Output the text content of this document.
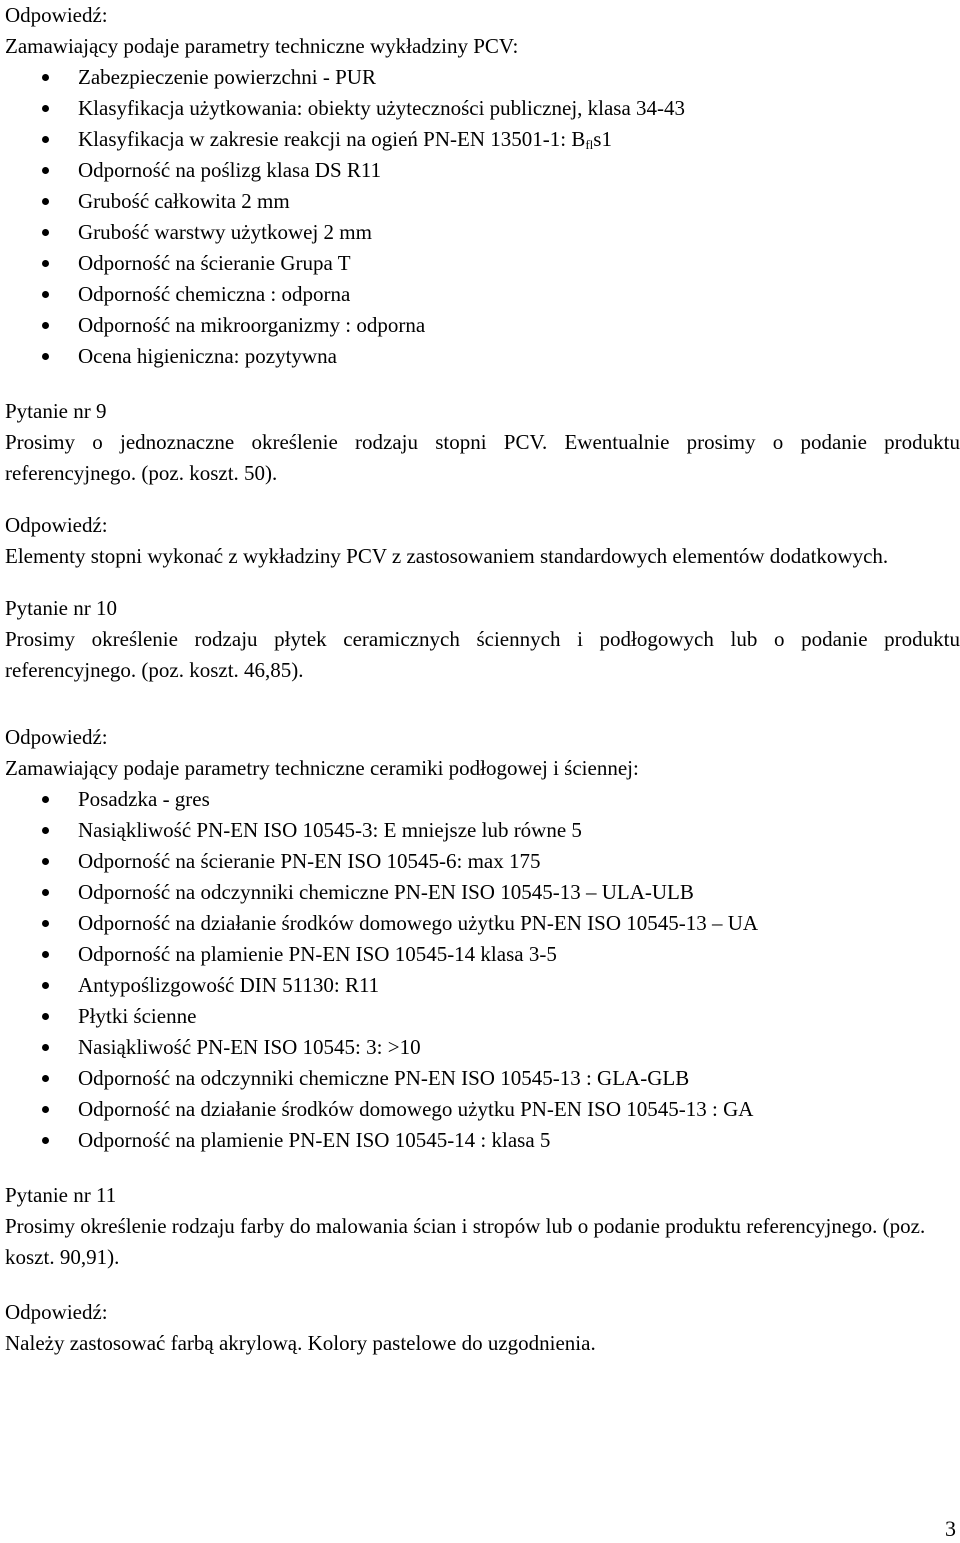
Odpowiedź:

Zamawiający podaje parametry techniczne wykładziny PCV:

Zabezpieczenie powierzchni - PUR
Klasyfikacja użytkowania: obiekty użyteczności publicznej, klasa 34-43
Klasyfikacja w zakresie reakcji na ogień PN-EN 13501-1: $B_{fl}s1$
Odporność na poślizg klasa DS R11
Grubość całkowita 2 mm
Grubość warstwy użytkowej 2 mm
Odporność na ścieranie Grupa T
Odporność chemiczna : odporna
Odporność na mikroorganizmy : odporna
Ocena higieniczna: pozytywna

Pytanie nr 9

Prosimy o jednoznaczne określenie rodzaju stopni PCV. Ewentualnie prosimy o podanie produktu referencyjnego. (poz. koszt. 50).

Odpowiedź:

Elementy stopni wykonać z wykładziny PCV z zastosowaniem standardowych elementów dodatkowych.

Pytanie nr 10

Prosimy określenie rodzaju płytek ceramicznych ściennych i podłogowych lub o podanie produktu referencyjnego. (poz. koszt. 46,85).

Odpowiedź:

Zamawiający podaje parametry techniczne ceramiki podłogowej i ściennej:

Posadzka - gres
Nasiąkliwość PN-EN ISO 10545-3: E mniejsze lub równe 5
Odporność na ścieranie PN-EN ISO 10545-6: max 175
Odporność na odczynniki chemiczne PN-EN ISO 10545-13 – ULA-ULB
Odporność na działanie środków domowego użytku PN-EN ISO 10545-13 – UA
Odporność na plamienie PN-EN ISO 10545-14 klasa 3-5
Antypoślizgowość DIN 51130: R11
Płytki ścienne
Nasiąkliwość PN-EN ISO 10545: 3: >10
Odporność na odczynniki chemiczne PN-EN ISO 10545-13 : GLA-GLB
Odporność na działanie środków domowego użytku PN-EN ISO 10545-13 : GA
Odporność na plamienie PN-EN ISO 10545-14 : klasa 5

Pytanie nr 11

Prosimy określenie rodzaju farby do malowania ścian i stropów lub o podanie produktu referencyjnego. (poz. koszt. 90,91).

Odpowiedź:

Należy zastosować farbą akrylową. Kolory pastelowe do uzgodnienia.

3
